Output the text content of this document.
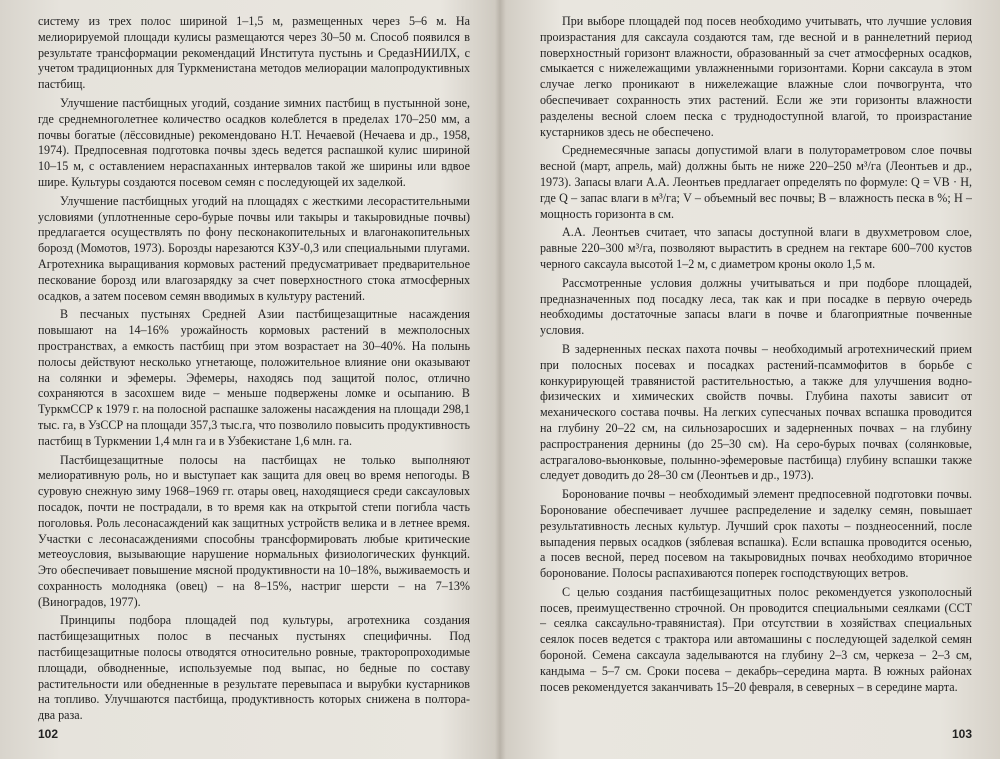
систему из трех полос шириной 1–1,5 м, размещенных через 5–6 м. На мелиорируемой площади кулисы размещаются через 30–50 м. Способ появился в результате трансформации рекомендаций Института пустынь и СредазНИИЛХ, с учетом традиционных для Туркменистана методов мелиорации малопродуктивных пастбищ.

Улучшение пастбищных угодий, создание зимних пастбищ в пустынной зоне, где среднемноголетнее количество осадков колеблется в пределах 170–250 мм, а почвы богатые (лёссовидные) рекомендовано Н.Т. Нечаевой (Нечаева и др., 1958, 1974). Предпосевная подготовка почвы здесь ведется распашкой кулис шириной 10–15 м, с оставлением нераспаханных интервалов такой же ширины или вдвое шире. Культуры создаются посевом семян с последующей их заделкой.

Улучшение пастбищных угодий на площадях с жесткими лесорастительными условиями (уплотненные серо-бурые почвы или такыры и такыровидные почвы) предлагается осуществлять по фону песконакопительных и влагонакопительных борозд (Момотов, 1973). Борозды нарезаются КЗУ-0,3 или специальными плугами. Агротехника выращивания кормовых растений предусматривает предварительное пескование борозд или влагозарядку за счет поверхностного стока атмосферных осадков, а затем посевом семян вводимых в культуру растений.

В песчаных пустынях Средней Азии пастбищезащитные насаждения повышают на 14–16% урожайность кормовых растений в межполосных пространствах, а емкость пастбищ при этом возрастает на 30–40%. На полынь полосы действуют несколько угнетающе, положительное влияние они оказывают на солянки и эфемеры. Эфемеры, находясь под защитой полос, отлично сохраняются в засохшем виде – меньше подвержены ломке и осыпанию. В ТуркмССР к 1979 г. на полосной распашке заложены насаждения на площади 298,1 тыс. га, в УзССР на площади 357,3 тыс.га, что позволило повысить продуктивность пастбищ в Туркмении 1,4 млн га и в Узбекистане 1,6 млн. га.

Пастбищезащитные полосы на пастбищах не только выполняют мелиоративную роль, но и выступает как защита для овец во время непогоды. В суровую снежную зиму 1968–1969 гг. отары овец, находящиеся среди саксауловых посадок, почти не пострадали, в то время как на открытой степи погибла часть поголовья. Роль лесонасаждений как защитных устройств велика и в летнее время. Участки с лесонасаждениями способны трансформировать любые критические метеоусловия, вызывающие нарушение нормальных физиологических функций. Это обеспечивает повышение мясной продуктивности на 10–18%, выживаемость и сохранность молодняка (овец) – на 8–15%, настриг шерсти – на 7–13% (Виноградов, 1977).

Принципы подбора площадей под культуры, агротехника создания пастбищезащитных полос в песчаных пустынях специфичны. Под пастбищезащитные полосы отводятся относительно ровные, тракторопроходимые площади, обводненные, используемые под выпас, но бедные по составу растительности или обедненные в результате перевыпаса и вырубки кустарников на топливо. Улучшаются пастбища, продуктивность которых снижена в полтора-два раза.

102

При выборе площадей под посев необходимо учитывать, что лучшие условия произрастания для саксаула создаются там, где весной и в раннелетний период поверхностный горизонт влажности, образованный за счет атмосферных осадков, смыкается с нижележащими увлажненными горизонтами. Корни саксаула в этом случае легко проникают в нижележащие влажные слои почвогрунта, что обеспечивает сохранность этих растений. Если же эти горизонты влажности разделены весной слоем песка с труднодоступной влагой, то произрастание кустарников здесь не обеспечено.

Среднемесячные запасы допустимой влаги в полутораметровом слое почвы весной (март, апрель, май) должны быть не ниже 220–250 м³/га (Леонтьев и др., 1973). Запасы влаги А.А. Леонтьев предлагает определять по формуле: Q = VB · H, где Q – запас влаги в м³/га; V – объемный вес почвы; B – влажность песка в %; H – мощность горизонта в см.

А.А. Леонтьев считает, что запасы доступной влаги в двухметровом слое, равные 220–300 м³/га, позволяют вырастить в среднем на гектаре 600–700 кустов черного саксаула высотой 1–2 м, с диаметром кроны около 1,5 м.

Рассмотренные условия должны учитываться и при подборе площадей, предназначенных под посадку леса, так как и при посадке в первую очередь необходимы достаточные запасы влаги в почве и благоприятные почвенные условия.

В задерненных песках пахота почвы – необходимый агротехнический прием при полосных посевах и посадках растений-псаммофитов в борьбе с конкурирующей травянистой растительностью, а также для улучшения водно-физических и химических свойств почвы. Глубина пахоты зависит от механического состава почвы. На легких супесчаных почвах вспашка проводится на глубину 20–22 см, на сильнозаросших и задерненных почвах – на глубину распространения дернины (до 25–30 см). На серо-бурых почвах (солянковые, астрагалово-вьюнковые, полынно-эфемеровые пастбища) глубину вспашки также следует доводить до 28–30 см (Леонтьев и др., 1973).

Боронование почвы – необходимый элемент предпосевной подготовки почвы. Боронование обеспечивает лучшее распределение и заделку семян, повышает результативность лесных культур. Лучший срок пахоты – позднеосенний, после выпадения первых осадков (зяблевая вспашка). Если вспашка проводится осенью, а посев весной, перед посевом на такыровидных почвах необходимо вторичное боронование. Полосы распахиваются поперек господствующих ветров.

С целью создания пастбищезащитных полос рекомендуется узкополосный посев, преимущественно строчной. Он проводится специальными сеялками (ССТ – сеялка саксаульно-травянистая). При отсутствии в хозяйствах специальных сеялок посев ведется с трактора или автомашины с последующей заделкой семян бороной. Семена саксаула заделываются на глубину 2–3 см, черкеза – 2–3 см, кандыма – 5–7 см. Сроки посева – декабрь–середина марта. В южных районах посев рекомендуется заканчивать 15–20 февраля, в северных – в середине марта.

103
